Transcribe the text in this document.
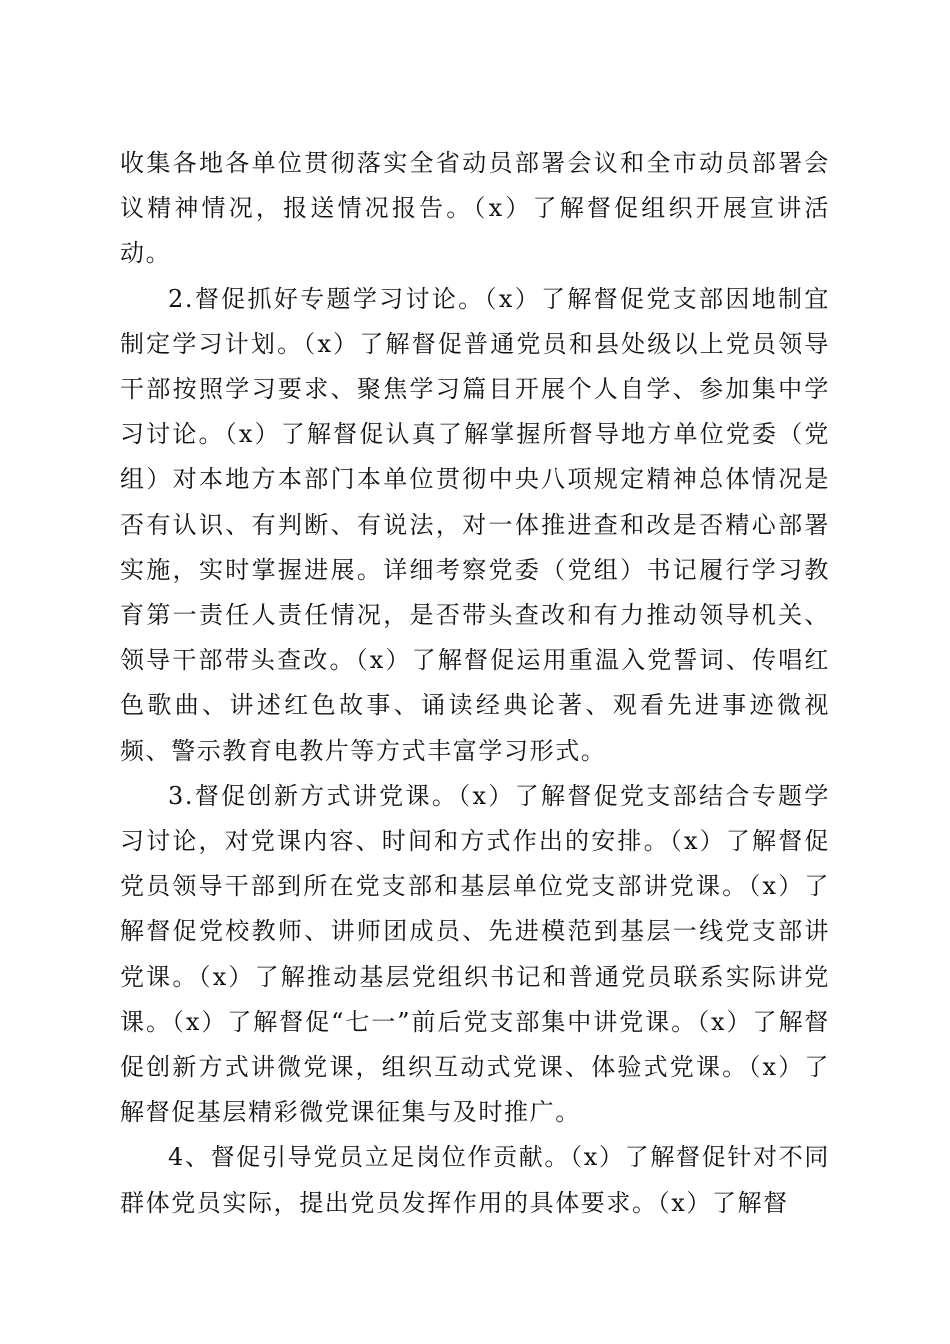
收集各地各单位贯彻落实全省动员部署会议和全市动员部署会议精神情况，报送情况报告。（x）了解督促组织开展宣讲活动。

2.督促抓好专题学习讨论。（x）了解督促党支部因地制宜制定学习计划。（x）了解督促普通党员和县处级以上党员领导干部按照学习要求、聚焦学习篇目开展个人自学、参加集中学习讨论。（x）了解督促认真了解掌握所督导地方单位党委（党组）对本地方本部门本单位贯彻中央八项规定精神总体情况是否有认识、有判断、有说法，对一体推进查和改是否精心部署实施，实时掌握进展。详细考察党委（党组）书记履行学习教育第一责任人责任情况，是否带头查改和有力推动领导机关、领导干部带头查改。（x）了解督促运用重温入党誓词、传唱红色歌曲、讲述红色故事、诵读经典论著、观看先进事迹微视频、警示教育电教片等方式丰富学习形式。

3.督促创新方式讲党课。（x）了解督促党支部结合专题学习讨论，对党课内容、时间和方式作出的安排。（x）了解督促党员领导干部到所在党支部和基层单位党支部讲党课。（x）了解督促党校教师、讲师团成员、先进模范到基层一线党支部讲党课。（x）了解推动基层党组织书记和普通党员联系实际讲党课。（x）了解督促“七一”前后党支部集中讲党课。（x）了解督促创新方式讲微党课，组织互动式党课、体验式党课。（x）了解督促基层精彩微党课征集与及时推广。

4、督促引导党员立足岗位作贡献。（x）了解督促针对不同群体党员实际，提出党员发挥作用的具体要求。（x）了解督
